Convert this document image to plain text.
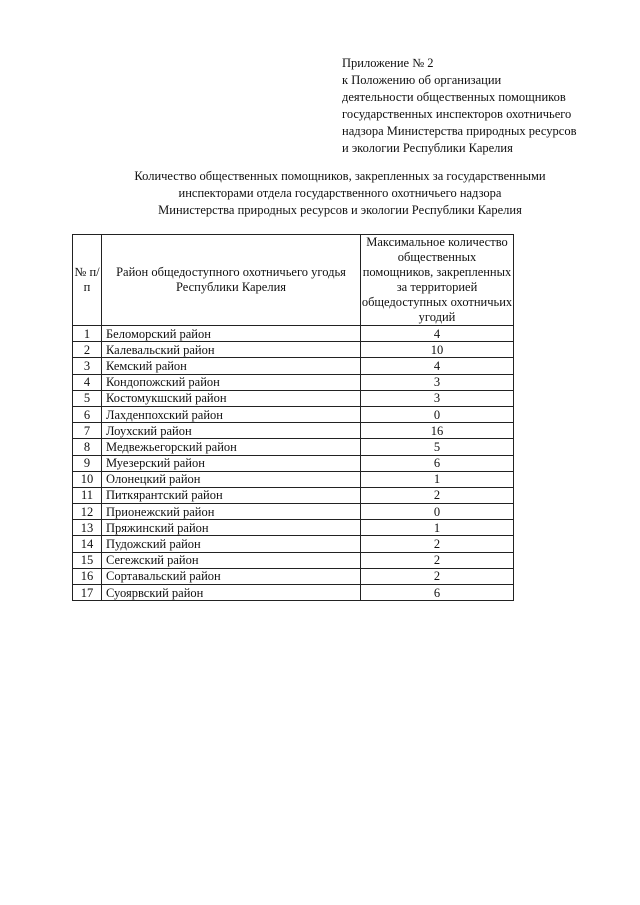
Приложение № 2
к Положению об организации
деятельности общественных помощников
государственных инспекторов охотничьего
надзора Министерства природных ресурсов
и экологии Республики Карелия
Количество общественных помощников, закрепленных за государственными
инспекторами отдела государственного охотничьего надзора
Министерства природных ресурсов и экологии Республики Карелия
№ п/п	Район общедоступного охотничьего угодья Республики Карелия	Максимальное количество общественных помощников, закрепленных за территорией общедоступных охотничьих угодий
1	Беломорский район	4
2	Калевальский район	10
3	Кемский район	4
4	Кондопожский район	3
5	Костомукшский район	3
6	Лахденпохский район	0
7	Лоухский район	16
8	Медвежьегорский район	5
9	Муезерский район	6
10	Олонецкий район	1
11	Питкярантский район	2
12	Прионежский район	0
13	Пряжинский район	1
14	Пудожский район	2
15	Сегежский район	2
16	Сортавальский район	2
17	Суоярвский район	6
